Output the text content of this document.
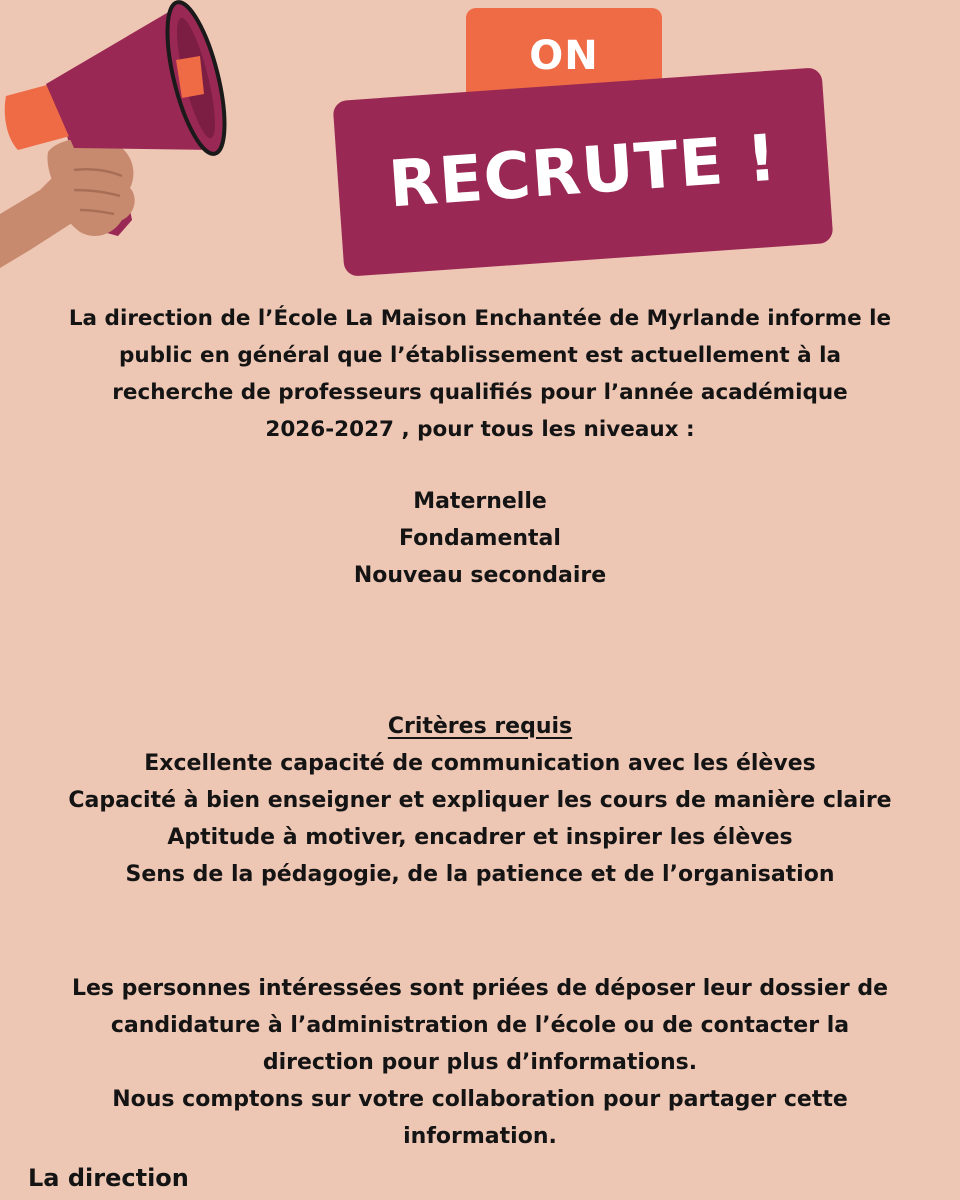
ON
RECRUTE !

La direction de l’École La Maison Enchantée de Myrlande informe le

public en général que l’établissement est actuellement à la

recherche de professeurs qualifiés pour l’année académique

2026-2027 , pour tous les niveaux :

Maternelle
Fondamental
Nouveau secondaire

Critères requis

Excellente capacité de communication avec les élèves

Capacité à bien enseigner et expliquer les cours de manière claire

Aptitude à motiver, encadrer et inspirer les élèves

Sens de la pédagogie, de la patience et de l’organisation

Les personnes intéressées sont priées de déposer leur dossier de

candidature à l’administration de l’école ou de contacter la

direction pour plus d’informations.

Nous comptons sur votre collaboration pour partager cette

information.

La direction
